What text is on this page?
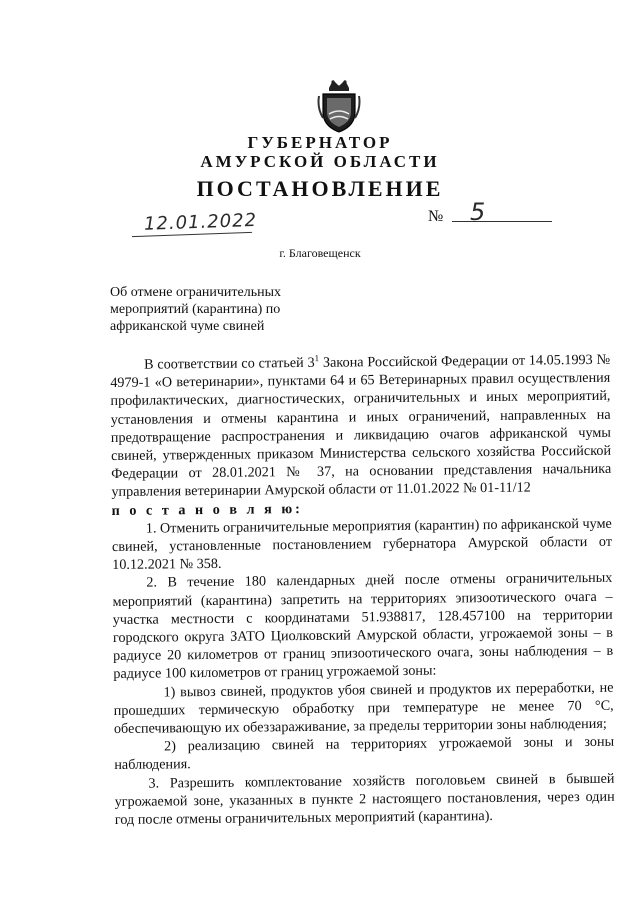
ГУБЕРНАТОР
АМУРСКОЙ ОБЛАСТИ
ПОСТАНОВЛЕНИЕ
12.01.2022	№ 5
г. Благовещенск
Об отмене ограничительных мероприятий (карантина) по африканской чуме свиней

В соответствии со статьей $3^1$ Закона Российской Федерации от 14.05.1993 № 4979-1 «О ветеринарии», пунктами 64 и 65 Ветеринарных правил осуществления профилактических, диагностических, ограничительных и иных мероприятий, установления и отмены карантина и иных ограничений, направленных на предотвращение распространения и ликвидацию очагов африканской чумы свиней, утвержденных приказом Министерства сельского хозяйства Российской Федерации от 28.01.2021 № 37, на основании представления начальника управления ветеринарии Амурской области от 11.01.2022 № 01-11/12

п о с т а н о в л я ю:

1. Отменить ограничительные мероприятия (карантин) по африканской чуме свиней, установленные постановлением губернатора Амурской области от 10.12.2021 № 358.

2. В течение 180 календарных дней после отмены ограничительных мероприятий (карантина) запретить на территориях эпизоотического очага – участка местности с координатами 51.938817, 128.457100 на территории городского округа ЗАТО Циолковский Амурской области, угрожаемой зоны – в радиусе 20 километров от границ эпизоотического очага, зоны наблюдения – в радиусе 100 километров от границ угрожаемой зоны:

1) вывоз свиней, продуктов убоя свиней и продуктов их переработки, не прошедших термическую обработку при температуре не менее 70 °С, обеспечивающую их обеззараживание, за пределы территории зоны наблюдения;

2) реализацию свиней на территориях угрожаемой зоны и зоны наблюдения.

3. Разрешить комплектование хозяйств поголовьем свиней в бывшей угрожаемой зоне, указанных в пункте 2 настоящего постановления, через один год после отмены ограничительных мероприятий (карантина).
